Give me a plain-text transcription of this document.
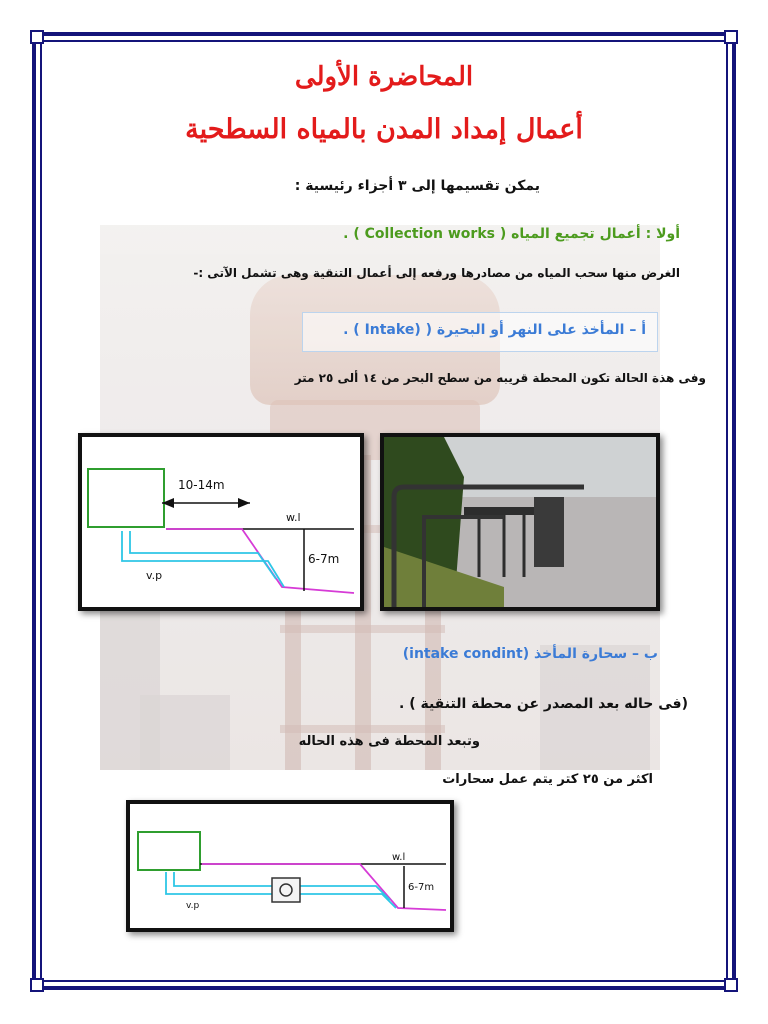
المحاضرة الأولى
أعمال إمداد المدن بالمياه السطحية
يمكن تقسيمها إلى ٣ أجزاء رئيسية :
أولا : أعمال تجميع المياه ( Collection works ) .
الغرض منها سحب المياه من مصادرها ورفعه إلى أعمال التنقية وهى تشمل الآتى :-
أ – المأخذ على النهر أو البحيرة ( (Intake ) .
وفى هذة الحالة تكون المحطة قريبه من سطح البحر من ١٤ ألى ٢٥ متر
10-14m
w.l
6-7m
v.p
ب – سحارة المأخذ (intake condint)
(فى حاله بعد المصدر عن محطة التنقية ) .
وتبعد المحطة فى هذه الحاله
اكثر من ٢٥ كتر يتم عمل سحارات
w.l
6-7m
v.p
